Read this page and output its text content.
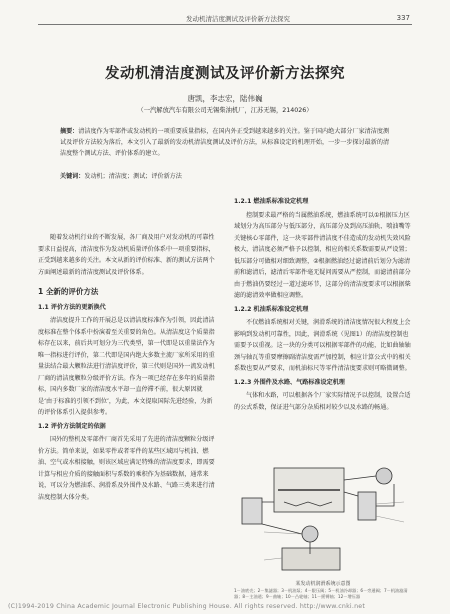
发动机清洁度测试及评价新方法探究	337
发动机清洁度测试及评价新方法探究
唐凯，李志宏，陆伟巍
（一汽解放汽车有限公司无锡柴油机厂，江苏无锡，214026）
摘要：清洁度作为零部件或发动机的一项重要质量指标，在国内外正受到越来越多的关注。鉴于国内绝大部分厂家清洁度测试及评价方法较为落后，本文引入了最新的发动机清洁度测试及评价方法，从标准设定的机理开始，一步一步探讨最新的清洁度整个测试方法、评价体系的建立。
关键词：发动机；清洁度；测试；评价新方法

随着发动机行业的不断发展，各厂商及用户对发动机的可靠性要求日益提高，清洁度作为发动机质量评价体系中一项重要指标，正受到越来越多的关注。本文从新的评价标准、新的测试方法两个方面阐述最新的清洁度测试及评价体系。

1 全新的评价方法
1.1 评价方法的更新换代

清洁度提升工作的开展总是以清洁度标准作为引领，因此清洁度标准在整个体系中扮演着至关重要的角色。从清洁度这个质量指标存在以来，前后共可划分为三代类型，第一代即是以重量法作为唯一指标进行评价，第二代即是国内绝大多数主流厂家所采用的重量法结合最大颗粒法进行清洁度评价，第三代则是国外一流发动机厂商的清洁度颗粒分级评价方法。作为一项已经存在多年的质量指标，国内多数厂家的清洁度水平却一直停滞不前，很大原因就是‘由于标准的引领不到位’，为此，本文提取国际先进经验，为新的评价体系引入提供参考。

1.2 评价方法制定的依据

国外的整机及零部件厂商首先采用了先进的清洁度颗粒分级评价方法。简单来说，如果零件或者零件的某些区域因与机油、燃油、空气或水相接触，则该区域应满足特殊的清洁度要求，即需要计算与相应介质的接触面积与系数的乘积作为基础数据，通常来说，可以分为燃油系、润滑系及外围件及水路、气路三类来进行清洁度控制大体分类。

1.2.1 燃油系标准设定机理

控制要求最严格的当属燃油系统，燃油系统可以①根据压力区域划分为高压部分与低压部分，高压部分及到高压油轨、喷油嘴等关键核心零部件，这一块零部件清洁度不佳造成的发动机失效风险极大，清洁度必须严格予以控制，相应的相关系数需要从严设置；低压部分可做相对细致调整，②根据燃油经过滤清前后划分为滤清前和滤清后，滤清后零部件毫无疑问需要从严控制，而滤清前部分由于燃油仍要经过一道过滤环节，这部分的清洁度要求可以根据柴滤的滤清效率做相应调整。

1.2.2 机油系标准设定机理

不仅燃油系统相对关键，润滑系统的清洁度情况很大程度上会影响到发动机可靠性，因此，润滑系统（见图1）的清洁度控制也需要予以重视。这一块的分类可以根据零部件的功能，比如曲轴轴颈与轴瓦等重要摩擦副清洁度需严加控制，相应计算公式中的相关系数也要从严要求，而机油标尺等零件清洁度要求则可略微调整。

1.2.3 外围件及水路、气路标准设定机理

气体和水路，可以根据各个厂家实际情况予以控制，设置合适的公式系数，保证进气部分杂质相对较少以及水路的畅通。

某发动机润滑系统示意图
1－油底壳；2－集滤器；3－机油泵；4－限压阀；5－机油冷却器；6－旁通阀；7－机油滤清器；8－主油道；9－曲轴；10－凸轮轴；11－摇臂轴；12－增压器
(C)1994-2019 China Academic Journal Electronic Publishing House. All rights reserved. http://www.cnki.net
